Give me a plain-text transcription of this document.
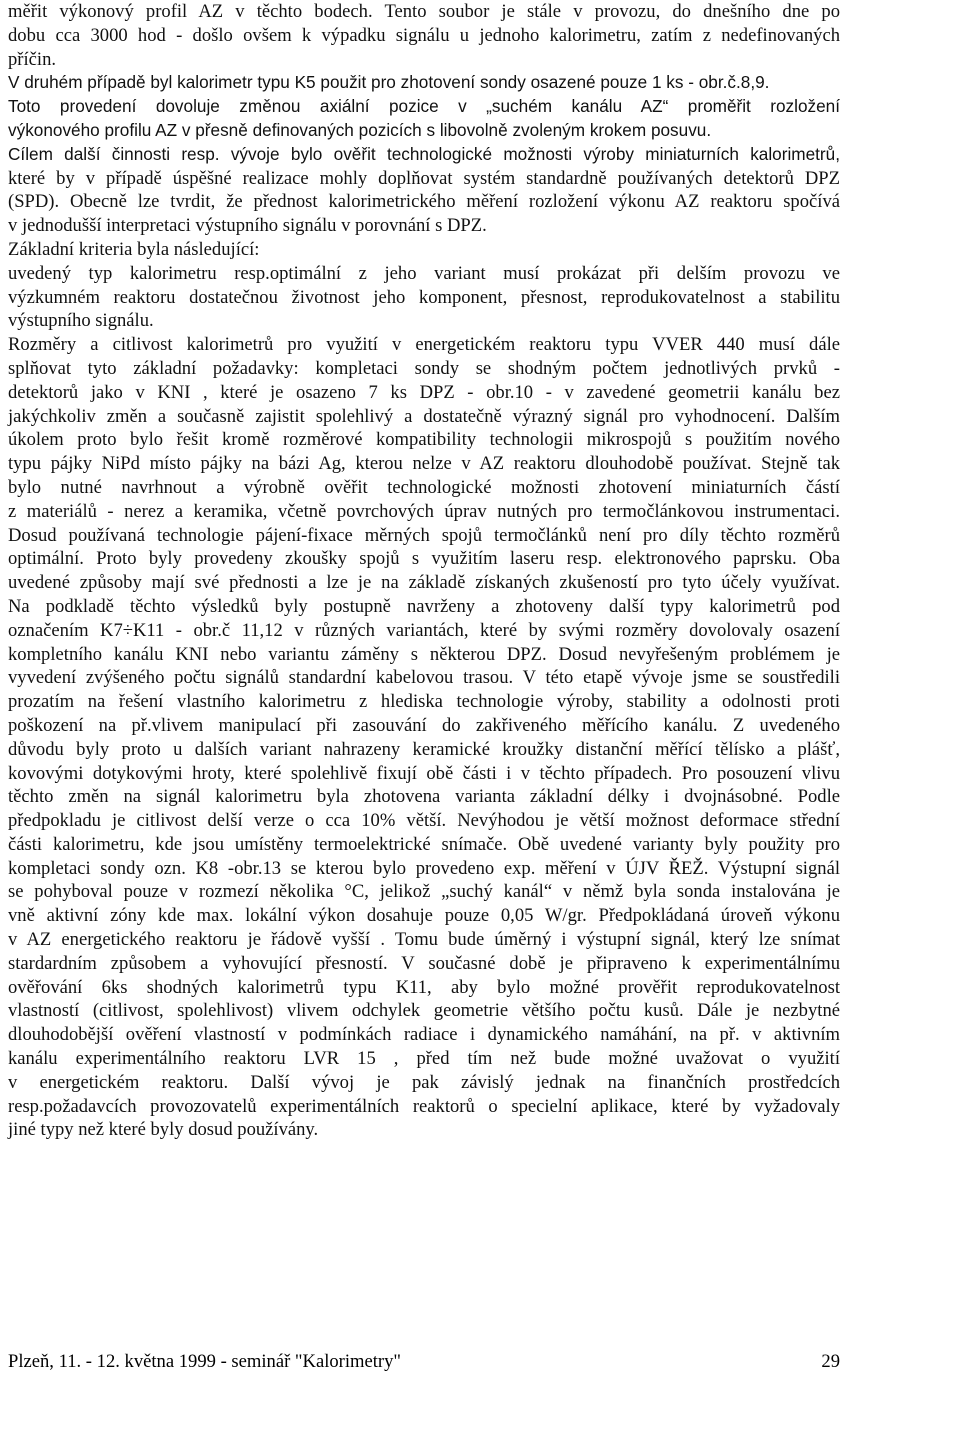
měřit výkonový profil AZ v těchto bodech. Tento soubor je stále v provozu, do dnešního dne po
dobu cca 3000 hod - došlo ovšem k výpadku signálu u jednoho kalorimetru, zatím z nedefinovaných
příčin.
V druhém případě byl kalorimetr typu K5 použit pro zhotovení sondy osazené pouze 1 ks - obr.č.8,9.
Toto provedení dovoluje změnou axiální pozice v „suchém kanálu AZ“ proměřit rozložení
výkonového profilu AZ v přesně definovaných pozicích s libovolně zvoleným krokem posuvu.
Cílem další činnosti resp. vývoje bylo ověřit technologické možnosti výroby miniaturních kalorimetrů,
které by v případě úspěšné realizace mohly doplňovat systém standardně používaných detektorů DPZ
(SPD). Obecně lze tvrdit, že přednost kalorimetrického měření rozložení výkonu AZ reaktoru spočívá
v jednodušší interpretaci výstupního signálu v porovnání s DPZ.
Základní kriteria byla následující:
uvedený typ kalorimetru resp.optimální z jeho variant musí prokázat při delším provozu ve
výzkumném reaktoru dostatečnou životnost jeho komponent, přesnost, reprodukovatelnost a stabilitu
výstupního signálu.
Rozměry a citlivost kalorimetrů pro využití v energetickém reaktoru typu VVER 440 musí dále
splňovat tyto základní požadavky: kompletaci sondy se shodným počtem jednotlivých prvků -
detektorů jako v KNI , které je osazeno 7 ks DPZ - obr.10 - v zavedené geometrii kanálu bez
jakýchkoliv změn a současně zajistit spolehlivý a dostatečně výrazný signál pro vyhodnocení. Dalším
úkolem proto bylo řešit kromě rozměrové kompatibility technologii mikrospojů s použitím nového
typu pájky NiPd místo pájky na bázi Ag, kterou nelze v AZ reaktoru dlouhodobě používat. Stejně tak
bylo nutné navrhnout a výrobně ověřit technologické možnosti zhotovení miniaturních částí
z materiálů - nerez a keramika, včetně povrchových úprav nutných pro termočlánkovou instrumentaci.
Dosud používaná technologie pájení-fixace měrných spojů termočlánků není pro díly těchto rozměrů
optimální. Proto byly provedeny zkoušky spojů s využitím laseru resp. elektronového paprsku. Oba
uvedené způsoby mají své přednosti a lze je na základě získaných zkušeností pro tyto účely využívat.
Na podkladě těchto výsledků byly postupně navrženy a zhotoveny další typy kalorimetrů pod
označením K7÷K11 - obr.č 11,12 v různých variantách, které by svými rozměry dovolovaly osazení
kompletního kanálu KNI nebo variantu záměny s některou DPZ. Dosud nevyřešeným problémem je
vyvedení zvýšeného počtu signálů standardní kabelovou trasou. V této etapě vývoje jsme se soustředili
prozatím na řešení vlastního kalorimetru z hlediska technologie výroby, stability a odolnosti proti
poškození na př.vlivem manipulací při zasouvání do zakřiveného měřícího kanálu. Z uvedeného
důvodu byly proto u dalších variant nahrazeny keramické kroužky distanční měřící tělísko a plášť,
kovovými dotykovými hroty, které spolehlivě fixují obě části i v těchto případech. Pro posouzení vlivu
těchto změn na signál kalorimetru byla zhotovena varianta základní délky i dvojnásobné. Podle
předpokladu je citlivost delší verze o cca 10% větší. Nevýhodou je větší možnost deformace střední
části kalorimetru, kde jsou umístěny termoelektrické snímače. Obě uvedené varianty byly použity pro
kompletaci sondy ozn. K8 -obr.13 se kterou bylo provedeno exp. měření v ÚJV ŘEŽ. Výstupní signál
se pohyboval pouze v rozmezí několika °C, jelikož „suchý kanál“ v němž byla sonda instalována je
vně aktivní zóny kde max. lokální výkon dosahuje pouze 0,05 W/gr. Předpokládaná úroveň výkonu
v AZ energetického reaktoru je řádově vyšší . Tomu bude úměrný i výstupní signál, který lze snímat
stardardním způsobem a vyhovující přesností. V současné době je připraveno k experimentálnímu
ověřování 6ks shodných kalorimetrů typu K11, aby bylo možné prověřit reprodukovatelnost
vlastností (citlivost, spolehlivost) vlivem odchylek geometrie většího počtu kusů. Dále je nezbytné
dlouhodobější ověření vlastností v podmínkách radiace i dynamického namáhání, na př. v aktivním
kanálu experimentálního reaktoru LVR 15 , před tím než bude možné uvažovat o využití
v energetickém reaktoru. Další vývoj je pak závislý jednak na finančních prostředcích
resp.požadavcích provozovatelů experimentálních reaktorů o specielní aplikace, které by vyžadovaly
jiné typy než které byly dosud používány.
Plzeň, 11. - 12. května 1999 - seminář "Kalorimetry"	29
